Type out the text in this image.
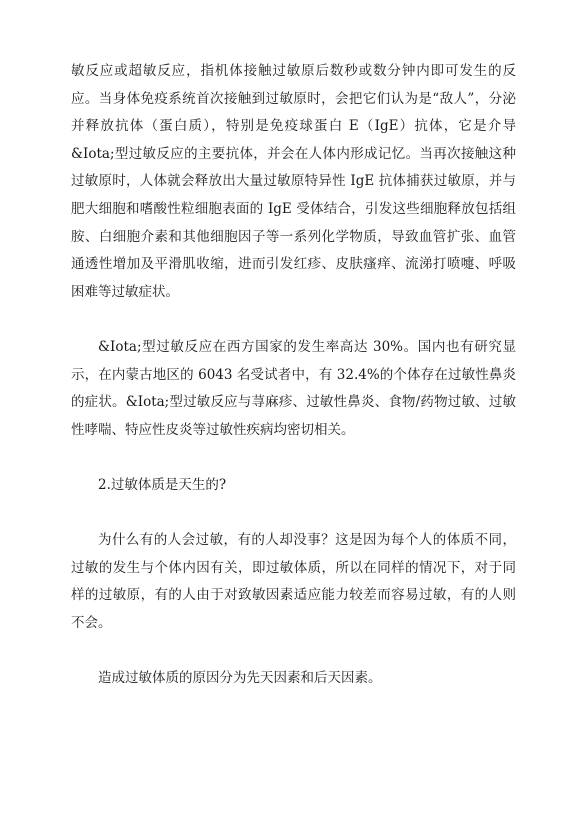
敏反应或超敏反应，指机体接触过敏原后数秒或数分钟内即可发生的反应。当身体免疫系统首次接触到过敏原时，会把它们认为是“敌人”，分泌并释放抗体（蛋白质），特别是免疫球蛋白 E（IgE）抗体，它是介导&Iota;型过敏反应的主要抗体，并会在人体内形成记忆。当再次接触这种过敏原时，人体就会释放出大量过敏原特异性 IgE 抗体捕获过敏原，并与肥大细胞和嗜酸性粒细胞表面的 IgE 受体结合，引发这些细胞释放包括组胺、白细胞介素和其他细胞因子等一系列化学物质，导致血管扩张、血管通透性增加及平滑肌收缩，进而引发红疹、皮肤瘙痒、流涕打喷嚏、呼吸困难等过敏症状。

&Iota;型过敏反应在西方国家的发生率高达 30%。国内也有研究显示，在内蒙古地区的 6043 名受试者中，有 32.4%的个体存在过敏性鼻炎的症状。&Iota;型过敏反应与荨麻疹、过敏性鼻炎、食物/药物过敏、过敏性哮喘、特应性皮炎等过敏性疾病均密切相关。

2.过敏体质是天生的?

为什么有的人会过敏，有的人却没事？这是因为每个人的体质不同，过敏的发生与个体内因有关，即过敏体质，所以在同样的情况下，对于同样的过敏原，有的人由于对致敏因素适应能力较差而容易过敏，有的人则不会。

造成过敏体质的原因分为先天因素和后天因素。
